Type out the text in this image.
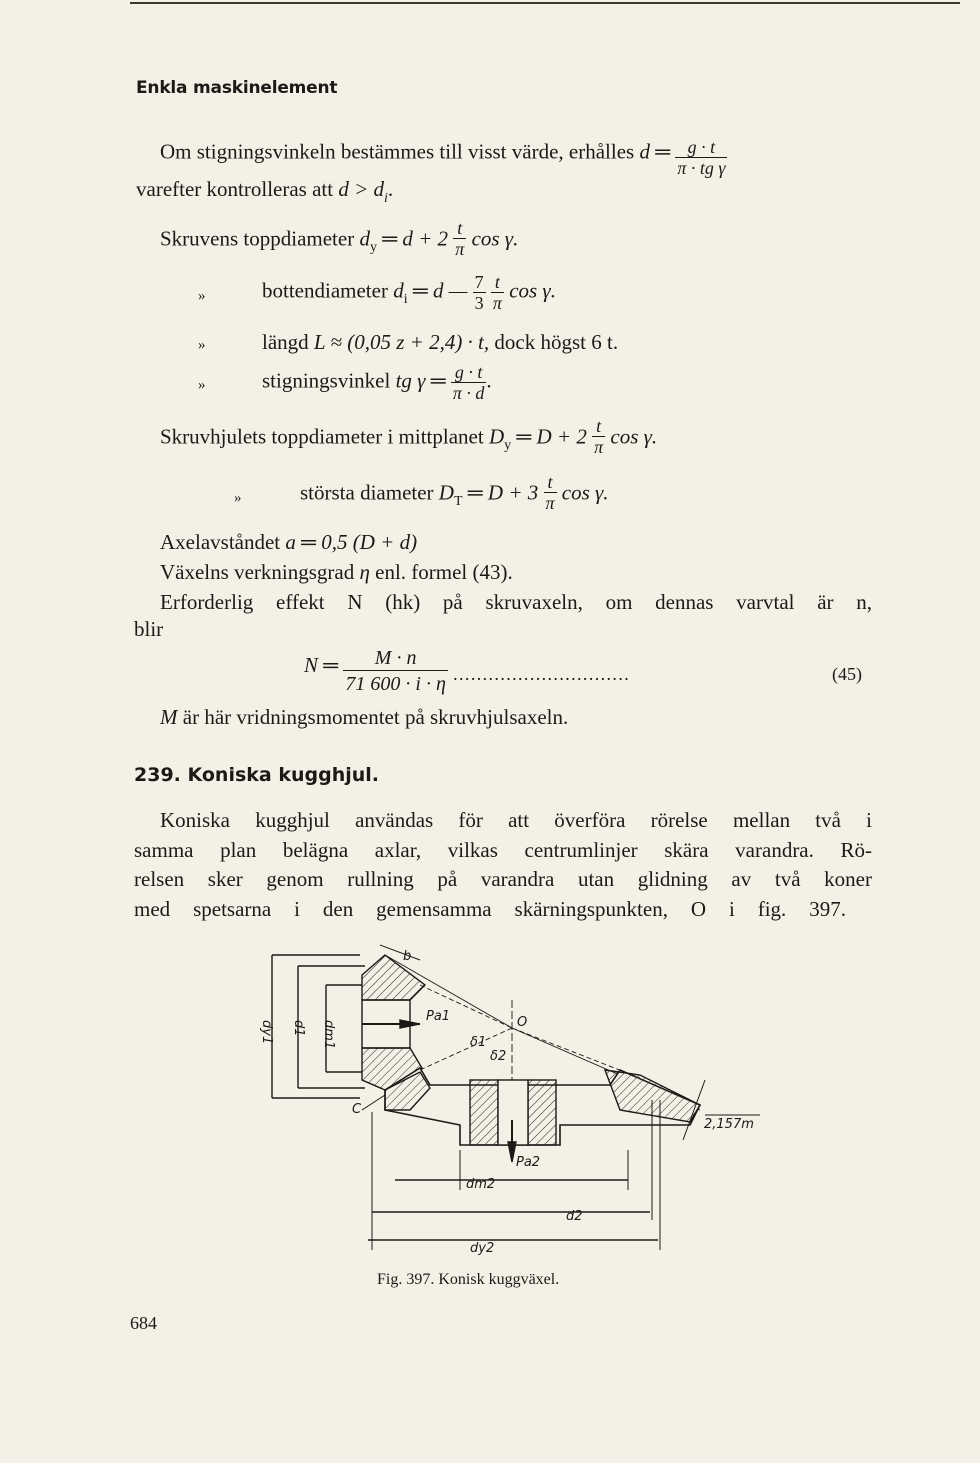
Enkla maskinelement
Om stigningsvinkeln bestämmes till visst värde, erhålles d ═ $\frac{g \cdot t}{\text{π · tg γ}}$
varefter kontrolleras att $d > d_i$.
Skruvens toppdiameter $d_y$ ═ $d + 2 \frac{t}{\pi}$ cos γ.
»	bottendiameter $d_i$ ═ d — $\frac{7}{3}$
$\frac{t}{\pi}$ cos γ.
»	längd L ≈ (0,05 z + 2,4) · t, dock högst 6 t.
»	stigningsvinkel tg γ ═ $\frac{g \cdot t}{\pi \cdot d}$ .
Skruvhjulets toppdiameter i mittplanet $D_y$ ═ $D + 2 \frac{t}{\pi}$ cos γ.
»	största diameter $D_T$ ═ $D + 3 \frac{t}{\pi}$ cos γ.
Axelavståndet a ═ 0,5 (D + d)
Växelns verkningsgrad η enl. formel (43).
Erforderlig effekt N (hk) på skruvaxeln, om dennas varvtal är n,
blir
N ═ $\frac{M \cdot n}{71 600 \cdot i \cdot \eta}$ ..............................	(45)
M är här vridningsmomentet på skruvhjulsaxeln.
239. Koniska kugghjul.
Koniska kugghjul användas för att överföra rörelse mellan två i
samma plan belägna axlar, vilkas centrumlinjer skära varandra. Rö-
relsen sker genom rullning på varandra utan glidning av två koner
med spetsarna i den gemensamma skärningspunkten, O i fig. 397.
b
dy1 d1 dm1
Pa1	O
δ1
δ2
C
Pa2
dm2
d2
dy2
2,157m
Fig. 397. Konisk kuggväxel.
684
